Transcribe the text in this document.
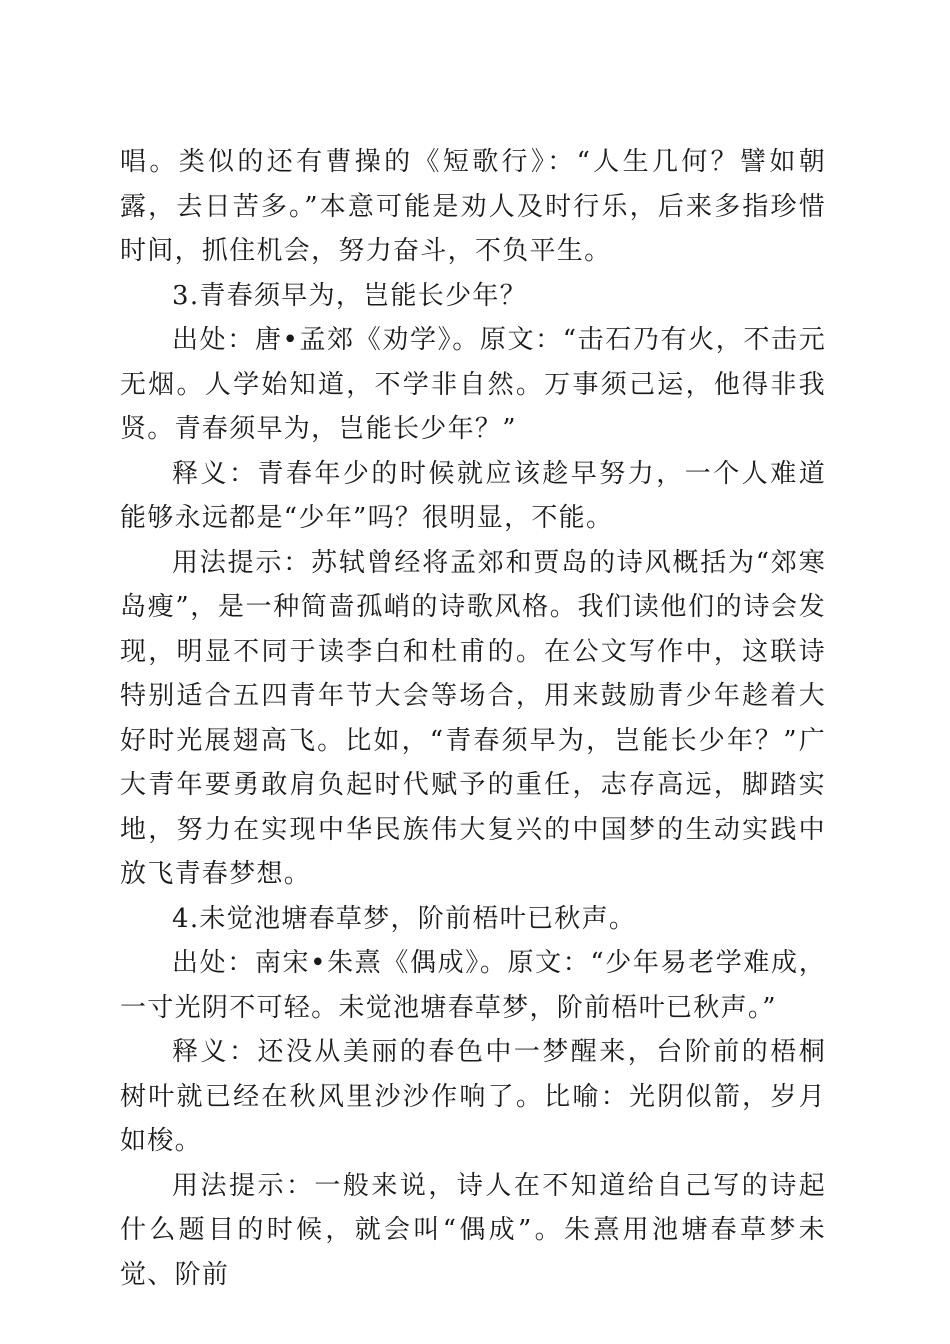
唱。类似的还有曹操的《短歌行》：“人生几何？譬如朝露，去日苦多。”本意可能是劝人及时行乐，后来多指珍惜时间，抓住机会，努力奋斗，不负平生。

3.青春须早为，岂能长少年？

出处：唐•孟郊《劝学》。原文：“击石乃有火，不击元无烟。人学始知道，不学非自然。万事须己运，他得非我贤。青春须早为，岂能长少年？”

释义：青春年少的时候就应该趁早努力，一个人难道能够永远都是“少年”吗？很明显，不能。

用法提示：苏轼曾经将孟郊和贾岛的诗风概括为“郊寒岛瘦”，是一种简啬孤峭的诗歌风格。我们读他们的诗会发现，明显不同于读李白和杜甫的。在公文写作中，这联诗特别适合五四青年节大会等场合，用来鼓励青少年趁着大好时光展翅高飞。比如，“青春须早为，岂能长少年？”广大青年要勇敢肩负起时代赋予的重任，志存高远，脚踏实地，努力在实现中华民族伟大复兴的中国梦的生动实践中放飞青春梦想。

4.未觉池塘春草梦，阶前梧叶已秋声。

出处：南宋•朱熹《偶成》。原文：“少年易老学难成，一寸光阴不可轻。未觉池塘春草梦，阶前梧叶已秋声。”

释义：还没从美丽的春色中一梦醒来，台阶前的梧桐树叶就已经在秋风里沙沙作响了。比喻：光阴似箭，岁月如梭。

用法提示：一般来说，诗人在不知道给自己写的诗起什么题目的时候，就会叫“偶成”。朱熹用池塘春草梦未觉、阶前
